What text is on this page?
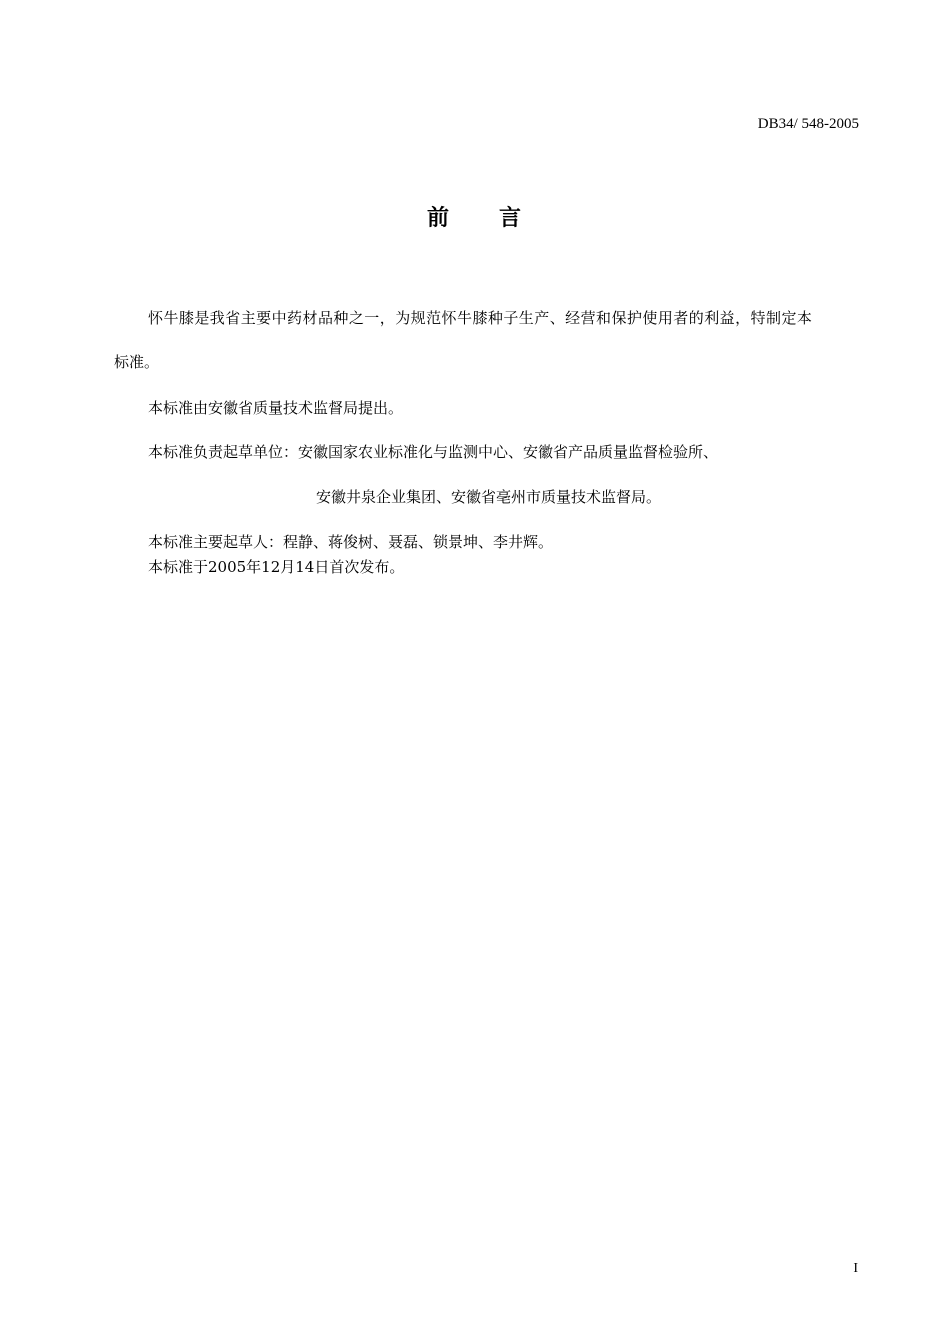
DB34/ 548-2005
前　　言
怀牛膝是我省主要中药材品种之一，为规范怀牛膝种子生产、经营和保护使用者的利益，特制定本
标准。
本标准由安徽省质量技术监督局提出。
本标准负责起草单位：安徽国家农业标准化与监测中心、安徽省产品质量监督检验所、
安徽井泉企业集团、安徽省亳州市质量技术监督局。
本标准主要起草人：程静、蒋俊树、聂磊、锁景坤、李井辉。
本标准于2005年12月14日首次发布。
I
